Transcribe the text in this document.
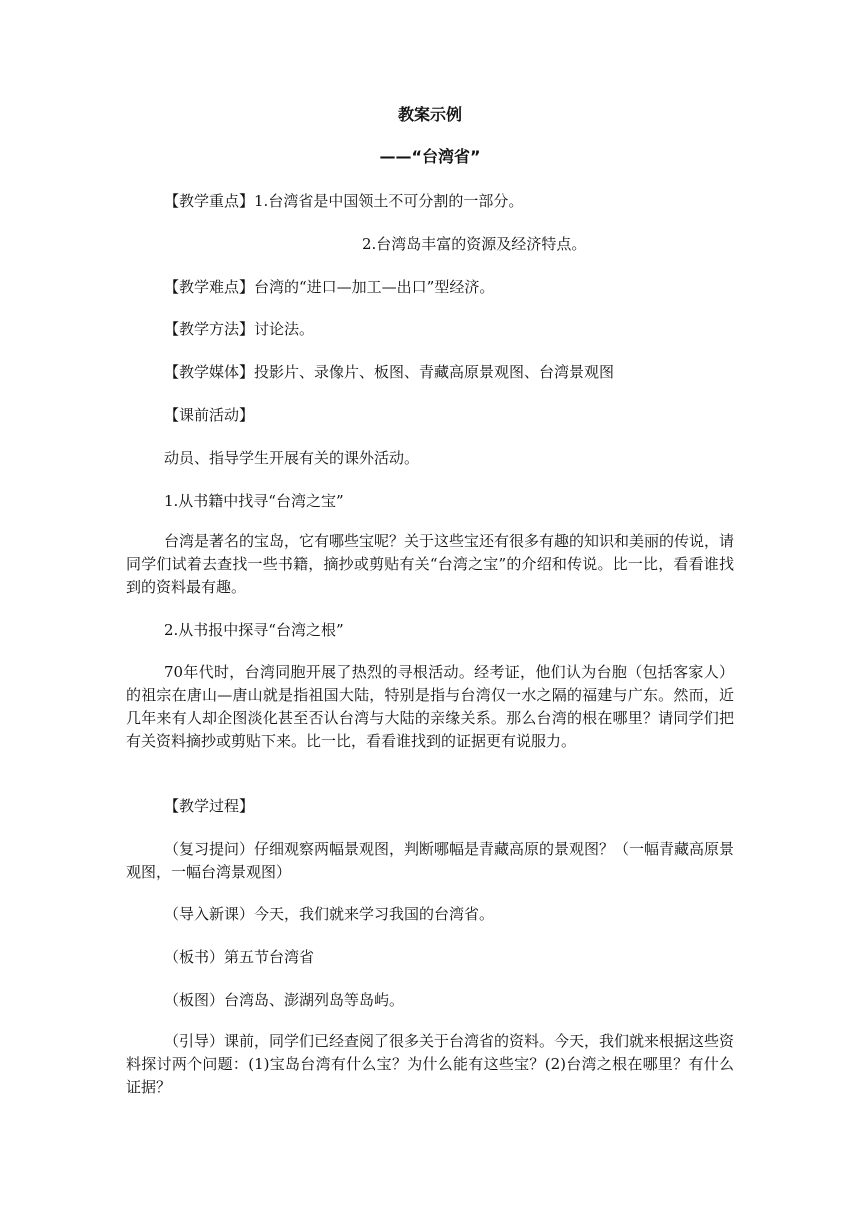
教案示例
——“台湾省”

【教学重点】1.台湾省是中国领土不可分割的一部分。

2.台湾岛丰富的资源及经济特点。

【教学难点】台湾的“进口—加工—出口”型经济。

【教学方法】讨论法。

【教学媒体】投影片、录像片、板图、青藏高原景观图、台湾景观图

【课前活动】

动员、指导学生开展有关的课外活动。

1.从书籍中找寻“台湾之宝”

台湾是著名的宝岛，它有哪些宝呢？关于这些宝还有很多有趣的知识和美丽的传说，请同学们试着去查找一些书籍，摘抄或剪贴有关“台湾之宝”的介绍和传说。比一比，看看谁找到的资料最有趣。

2.从书报中探寻“台湾之根”

70年代时，台湾同胞开展了热烈的寻根活动。经考证，他们认为台胞（包括客家人）的祖宗在唐山—唐山就是指祖国大陆，特别是指与台湾仅一水之隔的福建与广东。然而，近几年来有人却企图淡化甚至否认台湾与大陆的亲缘关系。那么台湾的根在哪里？请同学们把有关资料摘抄或剪贴下来。比一比，看看谁找到的证据更有说服力。

【教学过程】

（复习提问）仔细观察两幅景观图，判断哪幅是青藏高原的景观图？（一幅青藏高原景观图，一幅台湾景观图）

（导入新课）今天，我们就来学习我国的台湾省。

（板书）第五节台湾省

（板图）台湾岛、澎湖列岛等岛屿。

（引导）课前，同学们已经查阅了很多关于台湾省的资料。今天，我们就来根据这些资料探讨两个问题：(1)宝岛台湾有什么宝？为什么能有这些宝？(2)台湾之根在哪里？有什么证据？
